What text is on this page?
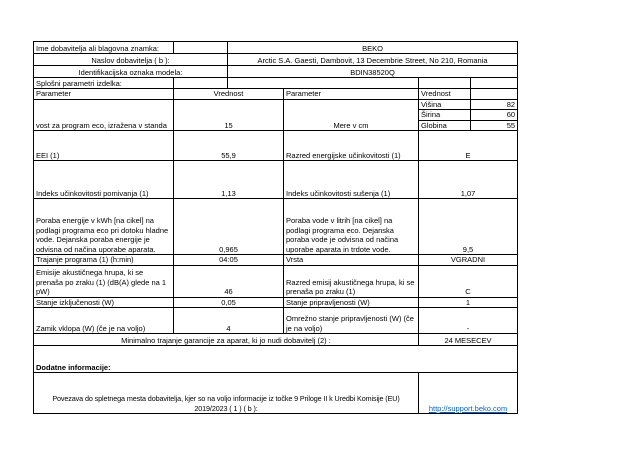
Ime dobavitelja ali blagovna znamka:		BEKO			
Naslov dobavitelja ( b ):		Arctic S.A. Gaesti, Dambovit, 13 Decembrie Street, No 210, Romania			
Identifikacijska oznaka modela:		BDIN38520Q			
Splošni parametri izdelka:					
Parameter	Vrednost		Parameter	Vrednost	
vost za program eco, izražena v standa	15		Mere v cm	Višina	82
				Širina	60
				Globina	55
EEI (1)	55,9		Razred energijske učinkovitosti (1)	E	
Indeks učinkovitosti pomivanja (1)	1,13		Indeks učinkovitosti sušenja (1)	1,07	
Poraba energije v kWh [na cikel] na podlagi programa eco pri dotoku hladne vode. Dejanska poraba energije je odvisna od načina uporabe aparata.	0,965		Poraba vode v litrih [na cikel] na podlagi programa eco. Dejanska poraba vode je odvisna od načina uporabe aparata in trdote vode.	9,5	
Trajanje programa (1) (h:min)	04:05		Vrsta	VGRADNI	
Emisije akustičnega hrupa, ki se prenaša po zraku (1) (dB(A) glede na 1 pW)	46		Razred emisij akustičnega hrupa, ki se prenaša po zraku (1)	C	
Stanje izključenosti (W)	0,05		Stanje pripravljenosti (W)	1	
Zamik vklopa (W) (če je na voljo)	4		Omrežno stanje pripravljenosti (W) (če je na voljo)	-	
Minimalno trajanje garancije za aparat, ki jo nudi dobavitelj (2) :				24 MESECEV	
Dodatne informacije:					
Povezava do spletnega mesta dobavitelja, kjer so na voljo informacije iz točke 9 Priloge II k Uredbi Komisije (EU) 2019/2023 ( 1 ) ( b ):				http://support.beko.com	
